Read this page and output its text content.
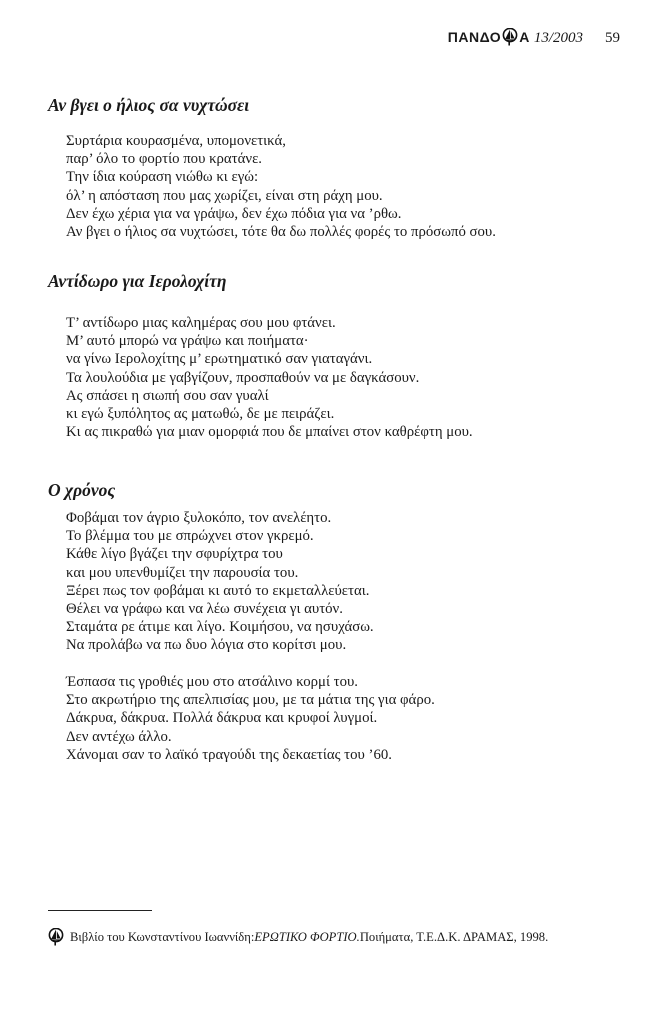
ΠΑΝΔΟ Α 13/2003 59
Αν βγει ο ήλιος σα νυχτώσει
Συρτάρια κουρασμένα, υπομονετικά,
παρ’ όλο το φορτίο που κρατάνε.
Την ίδια κούραση νιώθω κι εγώ:
όλ’ η απόσταση που μας χωρίζει, είναι στη ράχη μου.
Δεν έχω χέρια για να γράψω, δεν έχω πόδια για να ’ρθω.
Αν βγει ο ήλιος σα νυχτώσει, τότε θα δω πολλές φορές το πρόσωπό σου.
Αντίδωρο για Ιερολοχίτη
Τ’ αντίδωρο μιας καλημέρας σου μου φτάνει.
Μ’ αυτό μπορώ να γράψω και ποιήματα·
να γίνω Ιερολοχίτης μ’ ερωτηματικό σαν γιαταγάνι.
Τα λουλούδια με γαβγίζουν, προσπαθούν να με δαγκάσουν.
Ας σπάσει η σιωπή σου σαν γυαλί
κι εγώ ξυπόλητος ας ματωθώ, δε με πειράζει.
Κι ας πικραθώ για μιαν ομορφιά που δε μπαίνει στον καθρέφτη μου.
Ο χρόνος
Φοβάμαι τον άγριο ξυλοκόπο, τον ανελέητο.
Το βλέμμα του με σπρώχνει στον γκρεμό.
Κάθε λίγο βγάζει την σφυρίχτρα του
και μου υπενθυμίζει την παρουσία του.
Ξέρει πως τον φοβάμαι κι αυτό το εκμεταλλεύεται.
Θέλει να γράφω και να λέω συνέχεια γι αυτόν.
Σταμάτα ρε άτιμε και λίγο. Κοιμήσου, να ησυχάσω.
Να προλάβω να πω δυο λόγια στο κορίτσι μου.
Έσπασα τις γροθιές μου στο ατσάλινο κορμί του.
Στο ακρωτήριο της απελπισίας μου, με τα μάτια της για φάρο.
Δάκρυα, δάκρυα. Πολλά δάκρυα και κρυφοί λυγμοί.
Δεν αντέχω άλλο.
Χάνομαι σαν το λαϊκό τραγούδι της δεκαετίας του ’60.
Βιβλίο του Κωνσταντίνου Ιωαννίδη: ΕΡΩΤΙΚΟ ΦΟΡΤΙΟ. Ποιήματα, Τ.Ε.Δ.Κ. ΔΡΑΜΑΣ, 1998.
